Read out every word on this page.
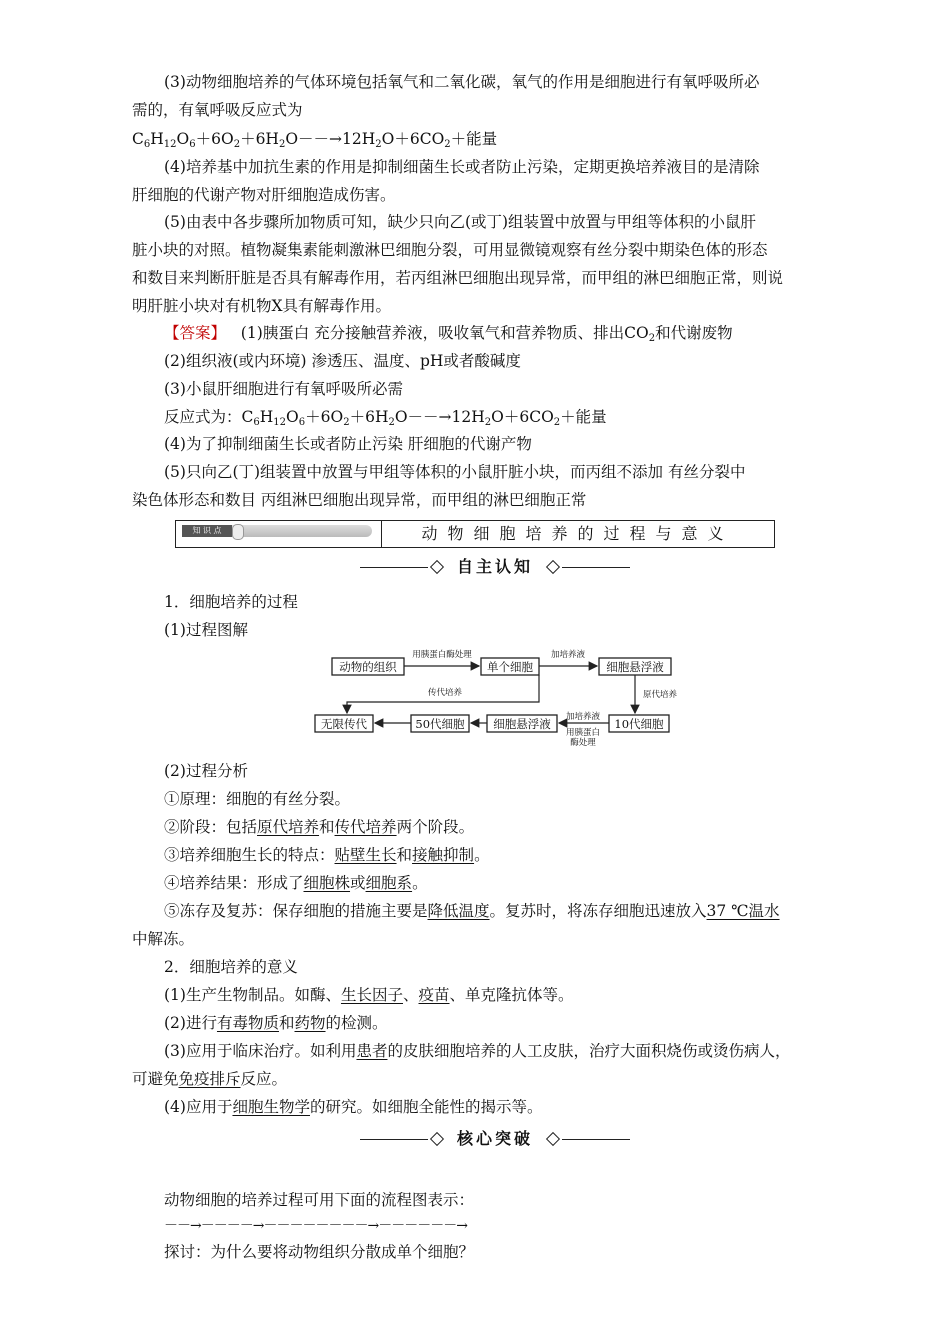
(3)动物细胞培养的气体环境包括氧气和二氧化碳，氧气的作用是细胞进行有氧呼吸所必
需的，有氧呼吸反应式为
$C_6H_{12}O_6+6O_2+6H_2O--\to 12H_2O+6CO_2+$能量
(4)培养基中加抗生素的作用是抑制细菌生长或者防止污染，定期更换培养液目的是清除
肝细胞的代谢产物对肝细胞造成伤害。
(5)由表中各步骤所加物质可知，缺少只向乙(或丁)组装置中放置与甲组等体积的小鼠肝
脏小块的对照。植物凝集素能刺激淋巴细胞分裂，可用显微镜观察有丝分裂中期染色体的形态
和数目来判断肝脏是否具有解毒作用，若丙组淋巴细胞出现异常，而甲组的淋巴细胞正常，则说
明肝脏小块对有机物X具有解毒作用。
【答案】 (1)胰蛋白 充分接触营养液，吸收氧气和营养物质、排出$CO_2$和代谢废物
(2)组织液(或内环境) 渗透压、温度、pH或者酸碱度
(3)小鼠肝细胞进行有氧呼吸所必需
反应式为：$C_6H_{12}O_6+6O_2+6H_2O--\to 12H_2O+6CO_2+$能量
(4)为了抑制细菌生长或者防止污染 肝细胞的代谢产物
(5)只向乙(丁)组装置中放置与甲组等体积的小鼠肝脏小块，而丙组不添加 有丝分裂中
染色体形态和数目 丙组淋巴细胞出现异常，而甲组的淋巴细胞正常
知 识 点	动物细胞培养的过程与意义
自主认知
1．细胞培养的过程
(1)过程图解
动物的组织	单个细胞	细胞悬浮液
10代细胞
细胞悬浮液
50代细胞
无限传代
用胰蛋白酶处理	加培养液
原代培养
加培养液
用胰蛋白
酶处理
传代培养
(2)过程分析
①原理：细胞的有丝分裂。
②阶段：包括原代培养和传代培养两个阶段。
③培养细胞生长的特点：贴壁生长和接触抑制。
④培养结果：形成了细胞株或细胞系。
⑤冻存及复苏：保存细胞的措施主要是降低温度。复苏时，将冻存细胞迅速放入37 ℃温水
中解冻。
2．细胞培养的意义
(1)生产生物制品。如酶、生长因子、疫苗、单克隆抗体等。
(2)进行有毒物质和药物的检测。
(3)应用于临床治疗。如利用患者的皮肤细胞培养的人工皮肤，治疗大面积烧伤或烫伤病人，
可避免免疫排斥反应。
(4)应用于细胞生物学的研究。如细胞全能性的揭示等。
核心突破
动物细胞的培养过程可用下面的流程图表示：
－－→－－－－→－－－－－－－－→－－－－－－→
探讨：为什么要将动物组织分散成单个细胞？
